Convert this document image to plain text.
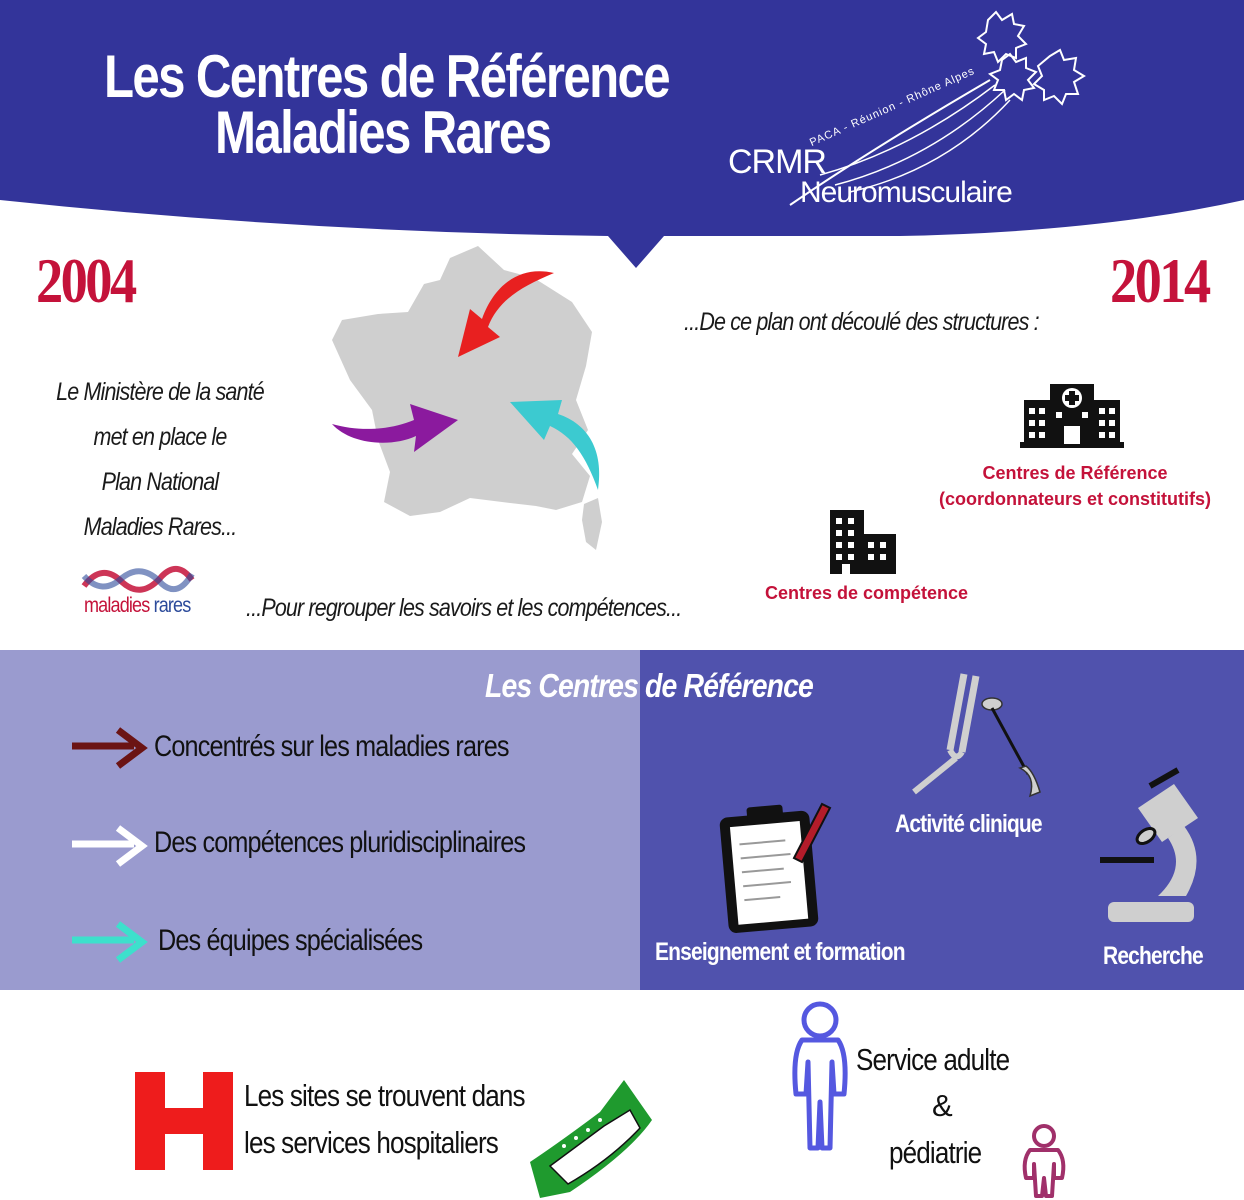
Les Centres de Référence
Maladies Rares	CRMR
Neuromusculaire
PACA - Réunion - Rhône Alpes
2004	2014
Le Ministère de la santé
met en place le
Plan National
Maladies Rares...
maladies rares ...Pour regrouper les savoirs et les compétences...
...De ce plan ont découlé des structures :
Centres de Référence
(coordonnateurs et constitutifs)
Centres de compétence
Les Centres de Référence
Concentrés sur les maladies rares
Des compétences pluridisciplinaires
Des équipes spécialisées
Activité clinique
Enseignement et formation	Recherche
Les sites se trouvent dans
les services hospitaliers
Service adulte
&
pédiatrie
